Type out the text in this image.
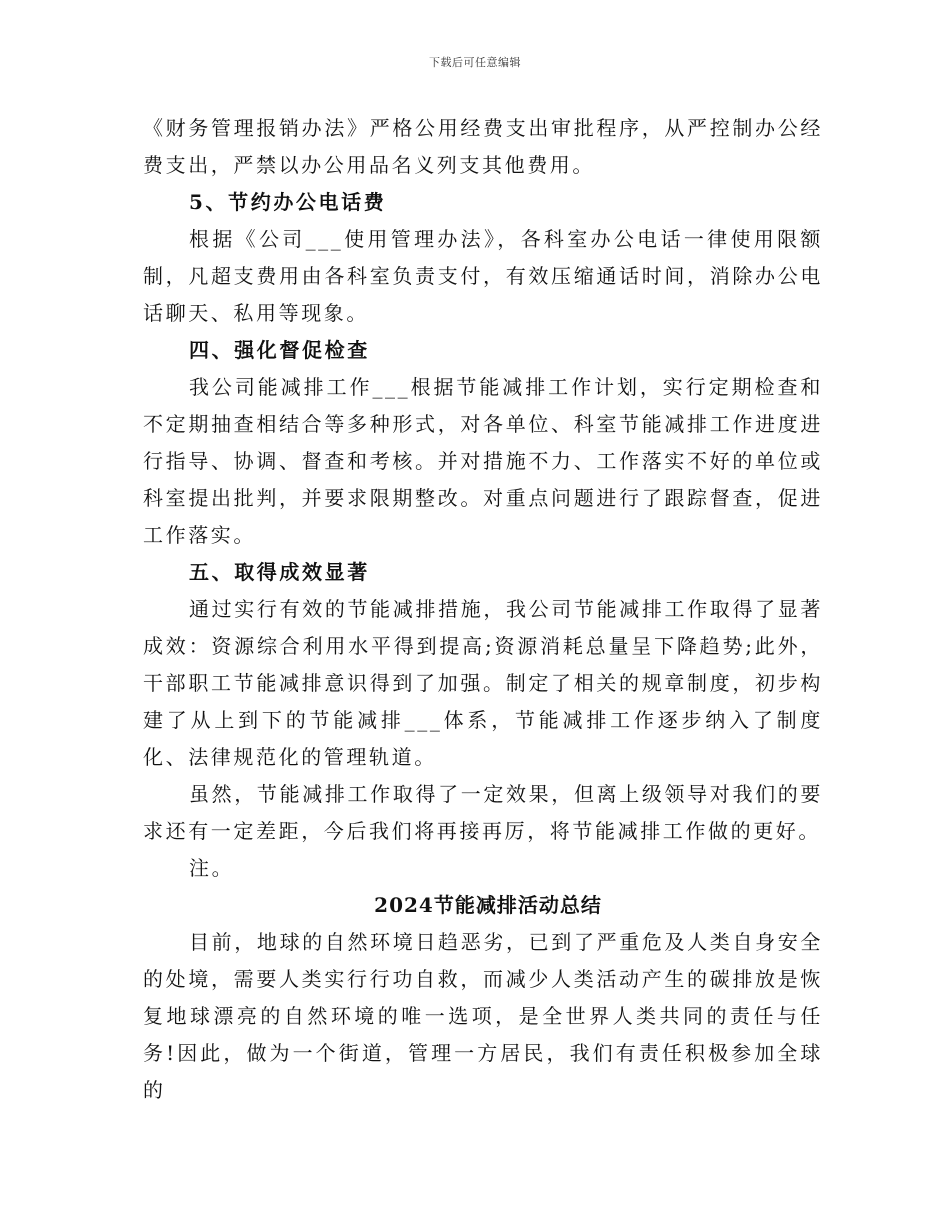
下载后可任意编辑

《财务管理报销办法》严格公用经费支出审批程序，从严控制办公经费支出，严禁以办公用品名义列支其他费用。

5、节约办公电话费

根据《公司___使用管理办法》，各科室办公电话一律使用限额制，凡超支费用由各科室负责支付，有效压缩通话时间，消除办公电话聊天、私用等现象。

四、强化督促检查

我公司能减排工作___根据节能减排工作计划，实行定期检查和不定期抽查相结合等多种形式，对各单位、科室节能减排工作进度进行指导、协调、督查和考核。并对措施不力、工作落实不好的单位或科室提出批判，并要求限期整改。对重点问题进行了跟踪督查，促进工作落实。

五、取得成效显著

通过实行有效的节能减排措施，我公司节能减排工作取得了显著成效：资源综合利用水平得到提高;资源消耗总量呈下降趋势;此外，干部职工节能减排意识得到了加强。制定了相关的规章制度，初步构建了从上到下的节能减排___体系，节能减排工作逐步纳入了制度化、法律规范化的管理轨道。

虽然，节能减排工作取得了一定效果，但离上级领导对我们的要求还有一定差距，今后我们将再接再厉，将节能减排工作做的更好。

注。

2024节能减排活动总结

目前，地球的自然环境日趋恶劣，已到了严重危及人类自身安全的处境，需要人类实行行功自救，而减少人类活动产生的碳排放是恢复地球漂亮的自然环境的唯一选项，是全世界人类共同的责任与任务!因此，做为一个街道，管理一方居民，我们有责任积极参加全球的
